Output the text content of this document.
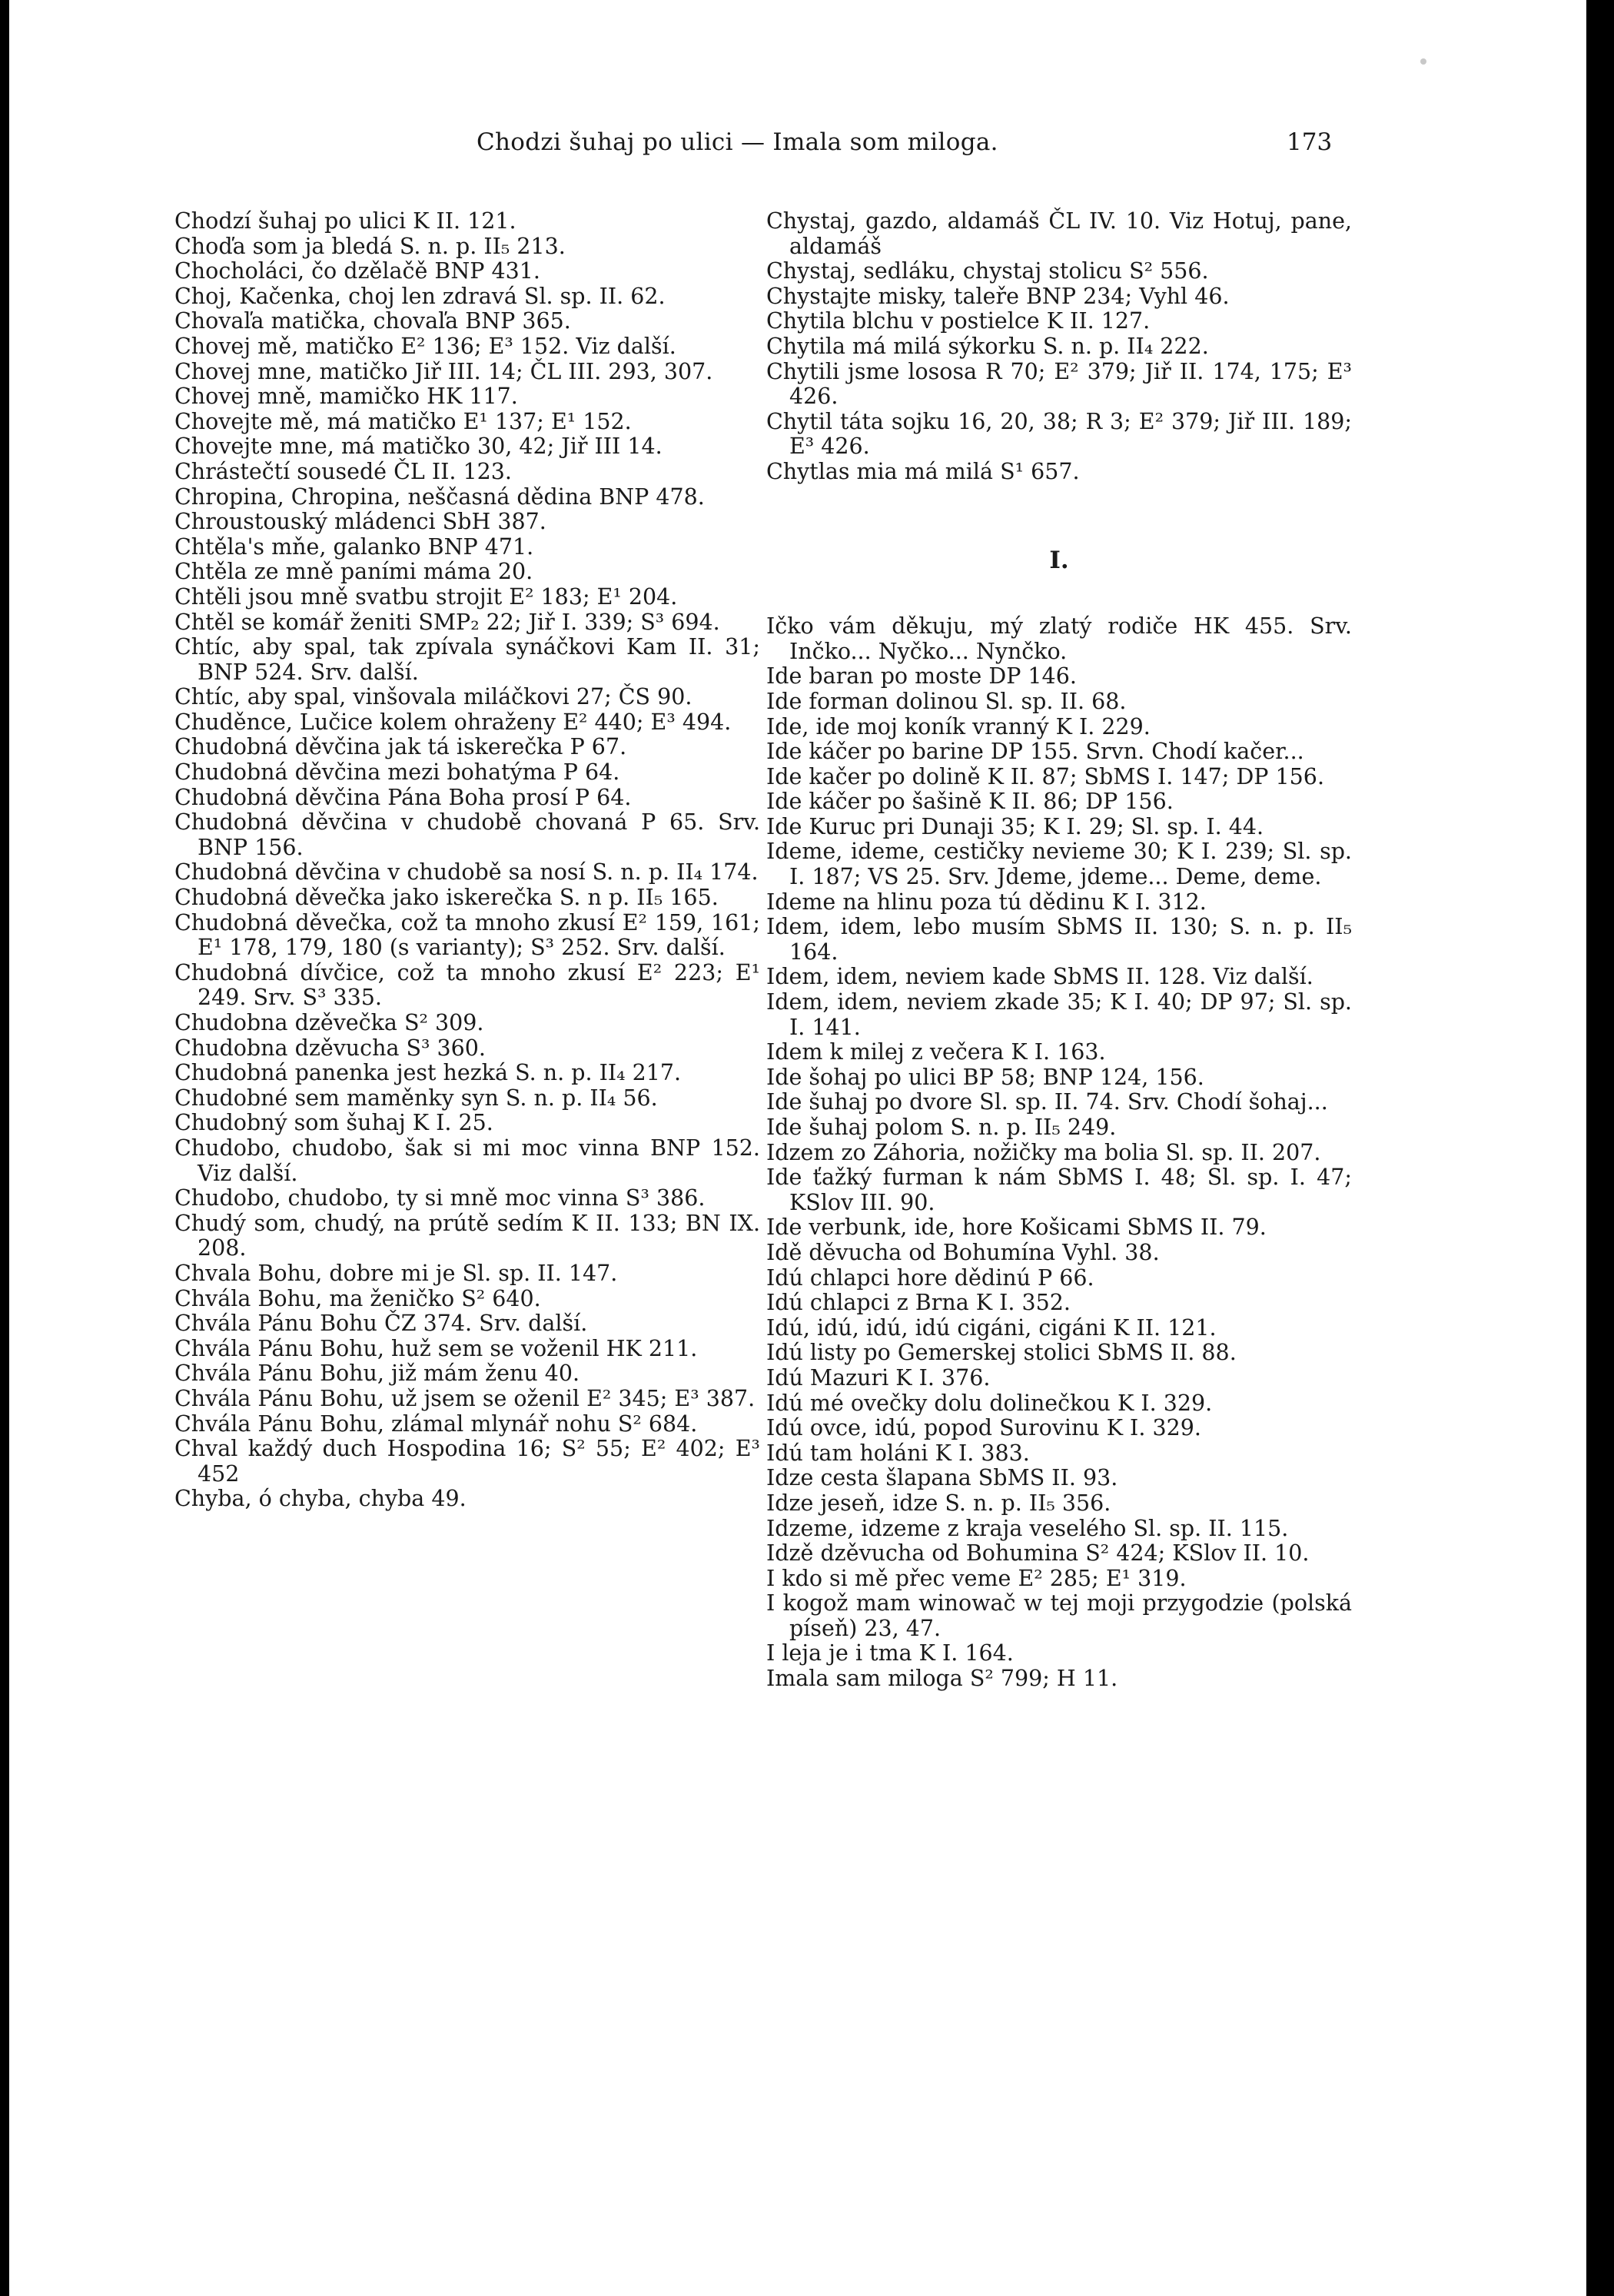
Chodzi šuhaj po ulici — Imala som miloga.	173

Chodzí šuhaj po ulici K II. 121.

Choďa som ja bledá S. n. p. II₅ 213.

Chocholáci, čo dzělačě BNP 431.

Choj, Kačenka, choj len zdravá Sl. sp. II. 62.

Chovaľa matička, chovaľa BNP 365.

Chovej mě, matičko E² 136; E³ 152. Viz další.

Chovej mne, matičko Jiř III. 14; ČL III. 293, 307.

Chovej mně, mamičko HK 117.

Chovejte mě, má matičko E¹ 137; E¹ 152.

Chovejte mne, má matičko 30, 42; Jiř III 14.

Chrástečtí sousedé ČL II. 123.

Chropina, Chropina, neščasná dědina BNP 478.

Chroustouský mládenci SbH 387.

Chtěla's mňe, galanko BNP 471.

Chtěla ze mně paními máma 20.

Chtěli jsou mně svatbu strojit E² 183; E¹ 204.

Chtěl se komář ženiti SMP₂ 22; Jiř I. 339; S³ 694.

Chtíc, aby spal, tak zpívala synáčkovi Kam II. 31; BNP 524. Srv. další.

Chtíc, aby spal, vinšovala miláčkovi 27; ČS 90.

Chuděnce, Lučice kolem ohraženy E² 440; E³ 494.

Chudobná děvčina jak tá iskerečka P 67.

Chudobná děvčina mezi bohatýma P 64.

Chudobná děvčina Pána Boha prosí P 64.

Chudobná děvčina v chudobě chovaná P 65. Srv. BNP 156.

Chudobná děvčina v chudobě sa nosí S. n. p. II₄ 174.

Chudobná děvečka jako iskerečka S. n p. II₅ 165.

Chudobná děvečka, což ta mnoho zkusí E² 159, 161; E¹ 178, 179, 180 (s varianty); S³ 252. Srv. další.

Chudobná dívčice, což ta mnoho zkusí E² 223; E¹ 249. Srv. S³ 335.

Chudobna dzěvečka S² 309.

Chudobna dzěvucha S³ 360.

Chudobná panenka jest hezká S. n. p. II₄ 217.

Chudobné sem maměnky syn S. n. p. II₄ 56.

Chudobný som šuhaj K I. 25.

Chudobo, chudobo, šak si mi moc vinna BNP 152. Viz další.

Chudobo, chudobo, ty si mně moc vinna S³ 386.

Chudý som, chudý, na prútě sedím K II. 133; BN IX. 208.

Chvala Bohu, dobre mi je Sl. sp. II. 147.

Chvála Bohu, ma ženičko S² 640.

Chvála Pánu Bohu ČZ 374. Srv. další.

Chvála Pánu Bohu, huž sem se voženil HK 211.

Chvála Pánu Bohu, již mám ženu 40.

Chvála Pánu Bohu, už jsem se oženil E² 345; E³ 387.

Chvála Pánu Bohu, zlámal mlynář nohu S² 684.

Chval každý duch Hospodina 16; S² 55; E² 402; E³ 452

Chyba, ó chyba, chyba 49.

Chystaj, gazdo, aldamáš ČL IV. 10. Viz Hotuj, pane, aldamáš

Chystaj, sedláku, chystaj stolicu S² 556.

Chystajte misky, taleře BNP 234; Vyhl 46.

Chytila blchu v postielce K II. 127.

Chytila má milá sýkorku S. n. p. II₄ 222.

Chytili jsme lososa R 70; E² 379; Jiř II. 174, 175; E³ 426.

Chytil táta sojku 16, 20, 38; R 3; E² 379; Jiř III. 189; E³ 426.

Chytlas mia má milá S¹ 657.

I.

Ičko vám děkuju, mý zlatý rodiče HK 455. Srv. Inčko... Nyčko... Nynčko.

Ide baran po moste DP 146.

Ide forman dolinou Sl. sp. II. 68.

Ide, ide moj koník vranný K I. 229.

Ide káčer po barine DP 155. Srvn. Chodí kačer...

Ide kačer po dolině K II. 87; SbMS I. 147; DP 156.

Ide káčer po šašině K II. 86; DP 156.

Ide Kuruc pri Dunaji 35; K I. 29; Sl. sp. I. 44.

Ideme, ideme, cestičky nevieme 30; K I. 239; Sl. sp. I. 187; VS 25. Srv. Jdeme, jdeme... Deme, deme.

Ideme na hlinu poza tú dědinu K I. 312.

Idem, idem, lebo musím SbMS II. 130; S. n. p. II₅ 164.

Idem, idem, neviem kade SbMS II. 128. Viz další.

Idem, idem, neviem zkade 35; K I. 40; DP 97; Sl. sp. I. 141.

Idem k milej z večera K I. 163.

Ide šohaj po ulici BP 58; BNP 124, 156.

Ide šuhaj po dvore Sl. sp. II. 74. Srv. Chodí šohaj...

Ide šuhaj polom S. n. p. II₅ 249.

Idzem zo Záhoria, nožičky ma bolia Sl. sp. II. 207.

Ide ťažký furman k nám SbMS I. 48; Sl. sp. I. 47; KSlov III. 90.

Ide verbunk, ide, hore Košicami SbMS II. 79.

Idě děvucha od Bohumína Vyhl. 38.

Idú chlapci hore dědinú P 66.

Idú chlapci z Brna K I. 352.

Idú, idú, idú, idú cigáni, cigáni K II. 121.

Idú listy po Gemerskej stolici SbMS II. 88.

Idú Mazuri K I. 376.

Idú mé ovečky dolu dolinečkou K I. 329.

Idú ovce, idú, popod Surovinu K I. 329.

Idú tam holáni K I. 383.

Idze cesta šlapana SbMS II. 93.

Idze jeseň, idze S. n. p. II₅ 356.

Idzeme, idzeme z kraja veselého Sl. sp. II. 115.

Idzě dzěvucha od Bohumina S² 424; KSlov II. 10.

I kdo si mě přec veme E² 285; E¹ 319.

I kogož mam winowač w tej moji przygodzie (polská píseň) 23, 47.

I leja je i tma K I. 164.

Imala sam miloga S² 799; H 11.
